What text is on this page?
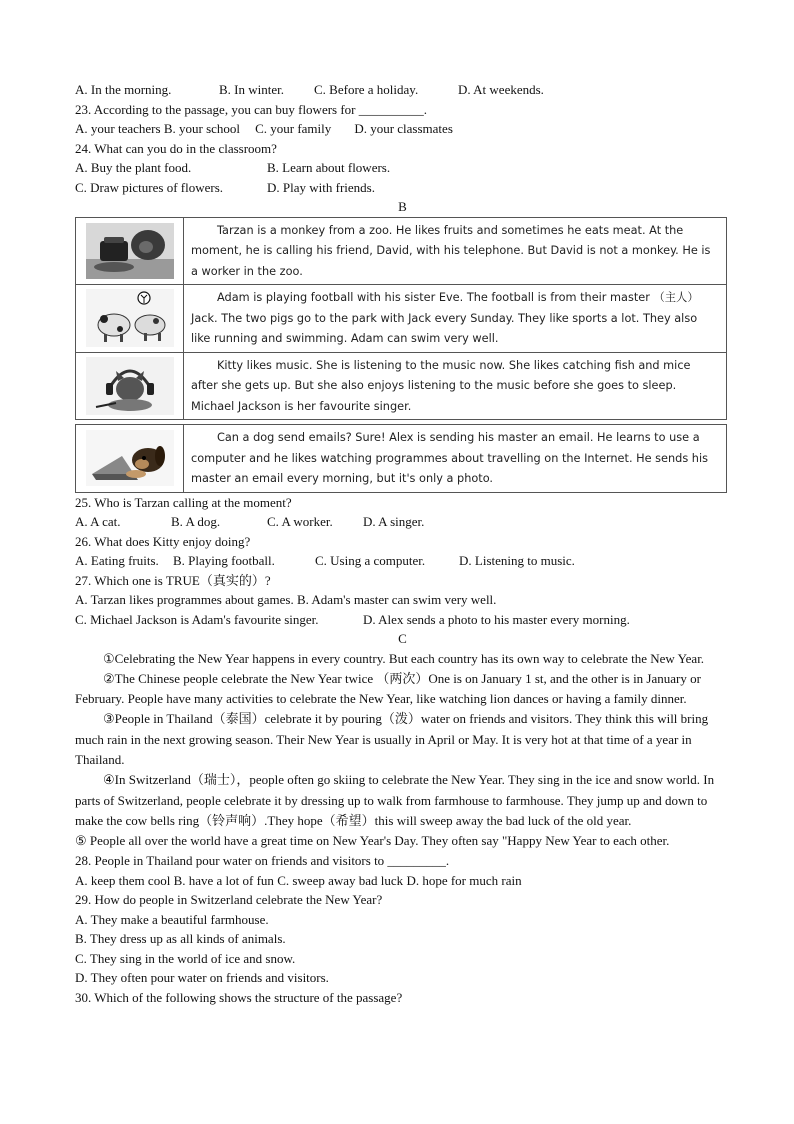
A. In the morning.	B. In winter. C. Before a holiday.	D. At weekends.
23. According to the passage, you can buy flowers for __________.
A. your teachers B. your school C. your family D. your classmates
24. What can you do in the classroom?
A. Buy the plant food.	B. Learn about flowers.
C. Draw pictures of flowers.	D. Play with friends.
B

Tarzan is a monkey from a zoo. He likes fruits and sometimes he eats meat. At the moment, he is calling his friend, David, with his telephone. But David is not a monkey. He is a worker in the zoo.

Adam is playing football with his sister Eve. The football is from their master （主人） Jack. The two pigs go to the park with Jack every Sunday. They like sports a lot. They also like running and swimming. Adam can swim very well.

Kitty likes music. She is listening to the music now. She likes catching fish and mice after she gets up. But she also enjoys listening to the music before she goes to sleep. Michael Jackson is her favourite singer.

Can a dog send emails? Sure! Alex is sending his master an email. He learns to use a computer and he likes watching programmes about travelling on the Internet. He sends his master an email every morning, but it's only a photo.

25. Who is Tarzan calling at the moment?
A. A cat.	B. A dog.	C. A worker. D. A singer.
26. What does Kitty enjoy doing?
A. Eating fruits. B. Playing football.	C. Using a computer.	D. Listening to music.
27. Which one is TRUE（真实的）?
A. Tarzan likes programmes about games. B. Adam's master can swim very well.
C. Michael Jackson is Adam's favourite singer.	D. Alex sends a photo to his master every morning.
C
①Celebrating the New Year happens in every country. But each country has its own way to celebrate the New Year.
②The Chinese people celebrate the New Year twice （两次）One is on January 1 st, and the other is in January or February. People have many activities to celebrate the New Year, like watching lion dances or having a family dinner.
③People in Thailand（泰国）celebrate it by pouring（泼）water on friends and visitors. They think this will bring much rain in the next growing season. Their New Year is usually in April or May. It is very hot at that time of a year in Thailand.
④In Switzerland（瑞士），people often go skiing to celebrate the New Year. They sing in the ice and snow world. In parts of Switzerland, people celebrate it by dressing up to walk from farmhouse to farmhouse. They jump up and down to make the cow bells ring（铃声响）.They hope（希望）this will sweep away the bad luck of the old year.
⑤ People all over the world have a great time on New Year's Day. They often say "Happy New Year to each other.
28. People in Thailand pour water on friends and visitors to _________.
A. keep them cool B. have a lot of fun C. sweep away bad luck D. hope for much rain
29. How do people in Switzerland celebrate the New Year?
A. They make a beautiful farmhouse.
B. They dress up as all kinds of animals.
C. They sing in the world of ice and snow.
D. They often pour water on friends and visitors.
30. Which of the following shows the structure of the passage?
